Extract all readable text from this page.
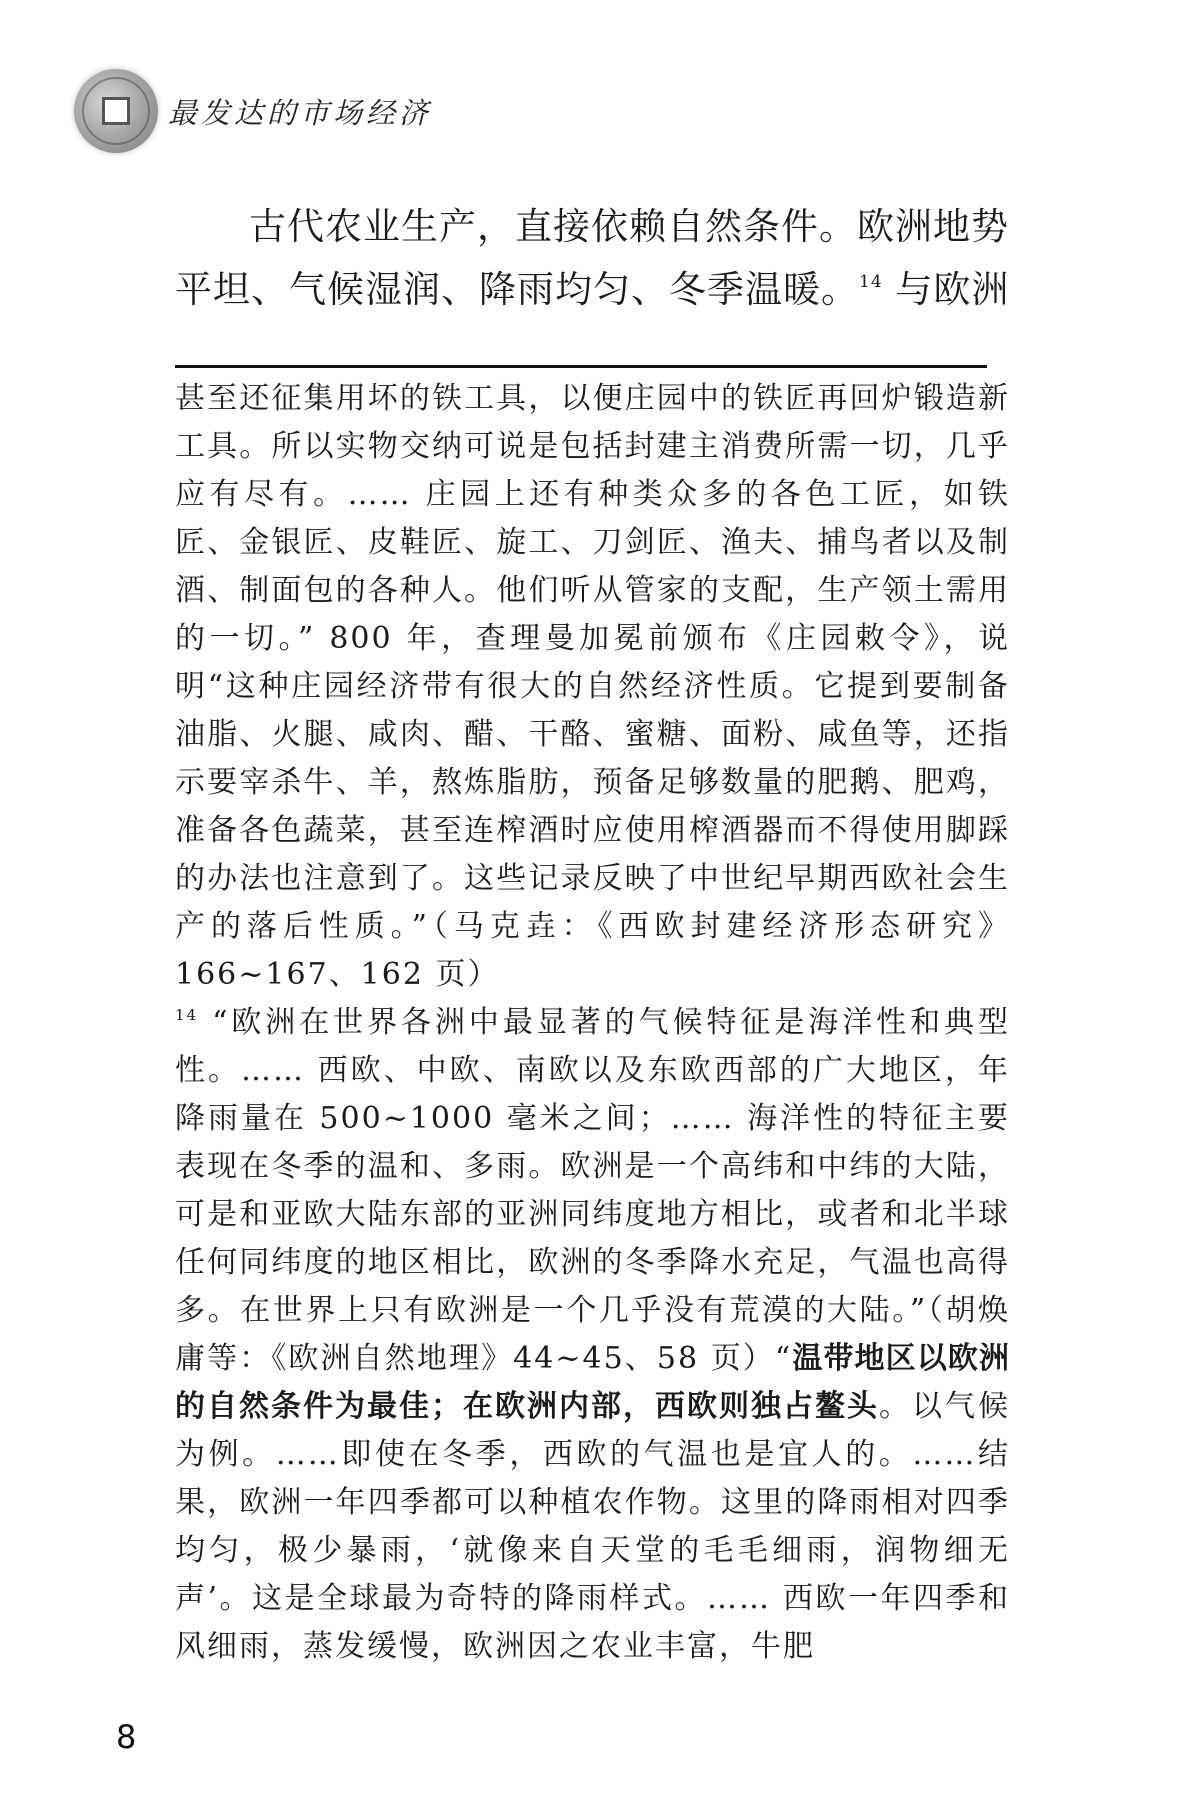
最发达的市场经济
古代农业生产，直接依赖自然条件。欧洲地势平坦、气候湿润、降雨均匀、冬季温暖。$^{14}$ 与欧洲

甚至还征集用坏的铁工具，以便庄园中的铁匠再回炉锻造新工具。所以实物交纳可说是包括封建主消费所需一切，几乎应有尽有。…… 庄园上还有种类众多的各色工匠，如铁匠、金银匠、皮鞋匠、旋工、刀剑匠、渔夫、捕鸟者以及制酒、制面包的各种人。他们听从管家的支配，生产领土需用的一切。” 800 年，查理曼加冕前颁布《庄园敕令》，说明“这种庄园经济带有很大的自然经济性质。它提到要制备油脂、火腿、咸肉、醋、干酪、蜜糖、面粉、咸鱼等，还指示要宰杀牛、羊，熬炼脂肪，预备足够数量的肥鹅、肥鸡，准备各色蔬菜，甚至连榨酒时应使用榨酒器而不得使用脚踩的办法也注意到了。这些记录反映了中世纪早期西欧社会生产的落后性质。”（马克垚：《西欧封建经济形态研究》166~167、162 页）

$^{14}$ “欧洲在世界各洲中最显著的气候特征是海洋性和典型性。…… 西欧、中欧、南欧以及东欧西部的广大地区，年降雨量在 500~1000 毫米之间；…… 海洋性的特征主要表现在冬季的温和、多雨。欧洲是一个高纬和中纬的大陆，可是和亚欧大陆东部的亚洲同纬度地方相比，或者和北半球任何同纬度的地区相比，欧洲的冬季降水充足，气温也高得多。在世界上只有欧洲是一个几乎没有荒漠的大陆。”（胡焕庸等：《欧洲自然地理》44~45、58 页）“温带地区以欧洲的自然条件为最佳；在欧洲内部，西欧则独占鳌头。以气候为例。……即使在冬季，西欧的气温也是宜人的。……结果，欧洲一年四季都可以种植农作物。这里的降雨相对四季均匀，极少暴雨，‘就像来自天堂的毛毛细雨，润物细无声’。这是全球最为奇特的降雨样式。…… 西欧一年四季和风细雨，蒸发缓慢，欧洲因之农业丰富，牛肥

8
